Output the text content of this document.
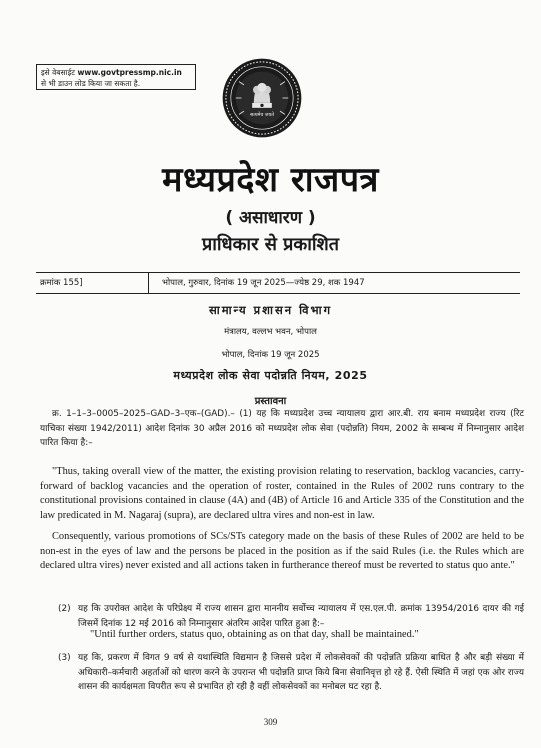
इसे वेबसाईट www.govtpressmp.nic.in
से भी डाउन लोड किया जा सकता है.
सत्यमेव जयते
मध्यप्रदेश राजपत्र
( असाधारण )
प्राधिकार से प्रकाशित
क्रमांक 155]	भोपाल, गुरुवार, दिनांक 19 जून 2025—ज्येष्ठ 29, शक 1947
सामान्य प्रशासन विभाग
मंत्रालय, वल्लभ भवन, भोपाल
भोपाल, दिनांक 19 जून 2025
मध्यप्रदेश लोक सेवा पदोन्नति नियम, 2025
प्रस्तावना
क्र. 1–1–3–0005–2025–GAD–3–एक–(GAD).– (1) यह कि मध्यप्रदेश उच्च न्यायालय द्वारा आर.बी. राय बनाम मध्यप्रदेश राज्य (रिट याचिका संख्या 1942/2011) आदेश दिनांक 30 अप्रैल 2016 को मध्यप्रदेश लोक सेवा (पदोन्नति) नियम, 2002 के सम्बन्ध में निम्नानुसार आदेश पारित किया है:–
"Thus, taking overall view of the matter, the existing provision relating to reservation, backlog vacancies, carry-forward of backlog vacancies and the operation of roster, contained in the Rules of 2002 runs contrary to the constitutional provisions contained in clause (4A) and (4B) of Article 16 and Article 335 of the Constitution and the law predicated in M. Nagaraj (supra), are declared ultra vires and non-est in law.
Consequently, various promotions of SCs/STs category made on the basis of these Rules of 2002 are held to be non-est in the eyes of law and the persons be placed in the position as if the said Rules (i.e. the Rules which are declared ultra vires) never existed and all actions taken in furtherance thereof must be reverted to status quo ante."
(2) यह कि उपरोक्त आदेश के परिप्रेक्ष्य में राज्य शासन द्वारा माननीय सर्वोच्च न्यायालय में एस.एल.पी. क्रमांक 13954/2016 दायर की गई जिसमें दिनांक 12 मई 2016 को निम्नानुसार अंतरिम आदेश पारित हुआ है:–
"Until further orders, status quo, obtaining as on that day, shall be maintained."
(3) यह कि, प्रकरण में विगत 9 वर्ष से यथास्थिति विद्यमान है जिससे प्रदेश में लोकसेवकों की पदोन्नति प्रक्रिया बाधित है और बड़ी संख्या में अधिकारी–कर्मचारी अहर्ताओं को धारण करने के उपरान्त भी पदोन्नति प्राप्त किये बिना सेवानिवृत्त हो रहे हैं. ऐसी स्थिति में जहां एक ओर राज्य शासन की कार्यक्षमता विपरीत रूप से प्रभावित हो रही है वहीं लोकसेवकों का मनोबल घट रहा है.
309
